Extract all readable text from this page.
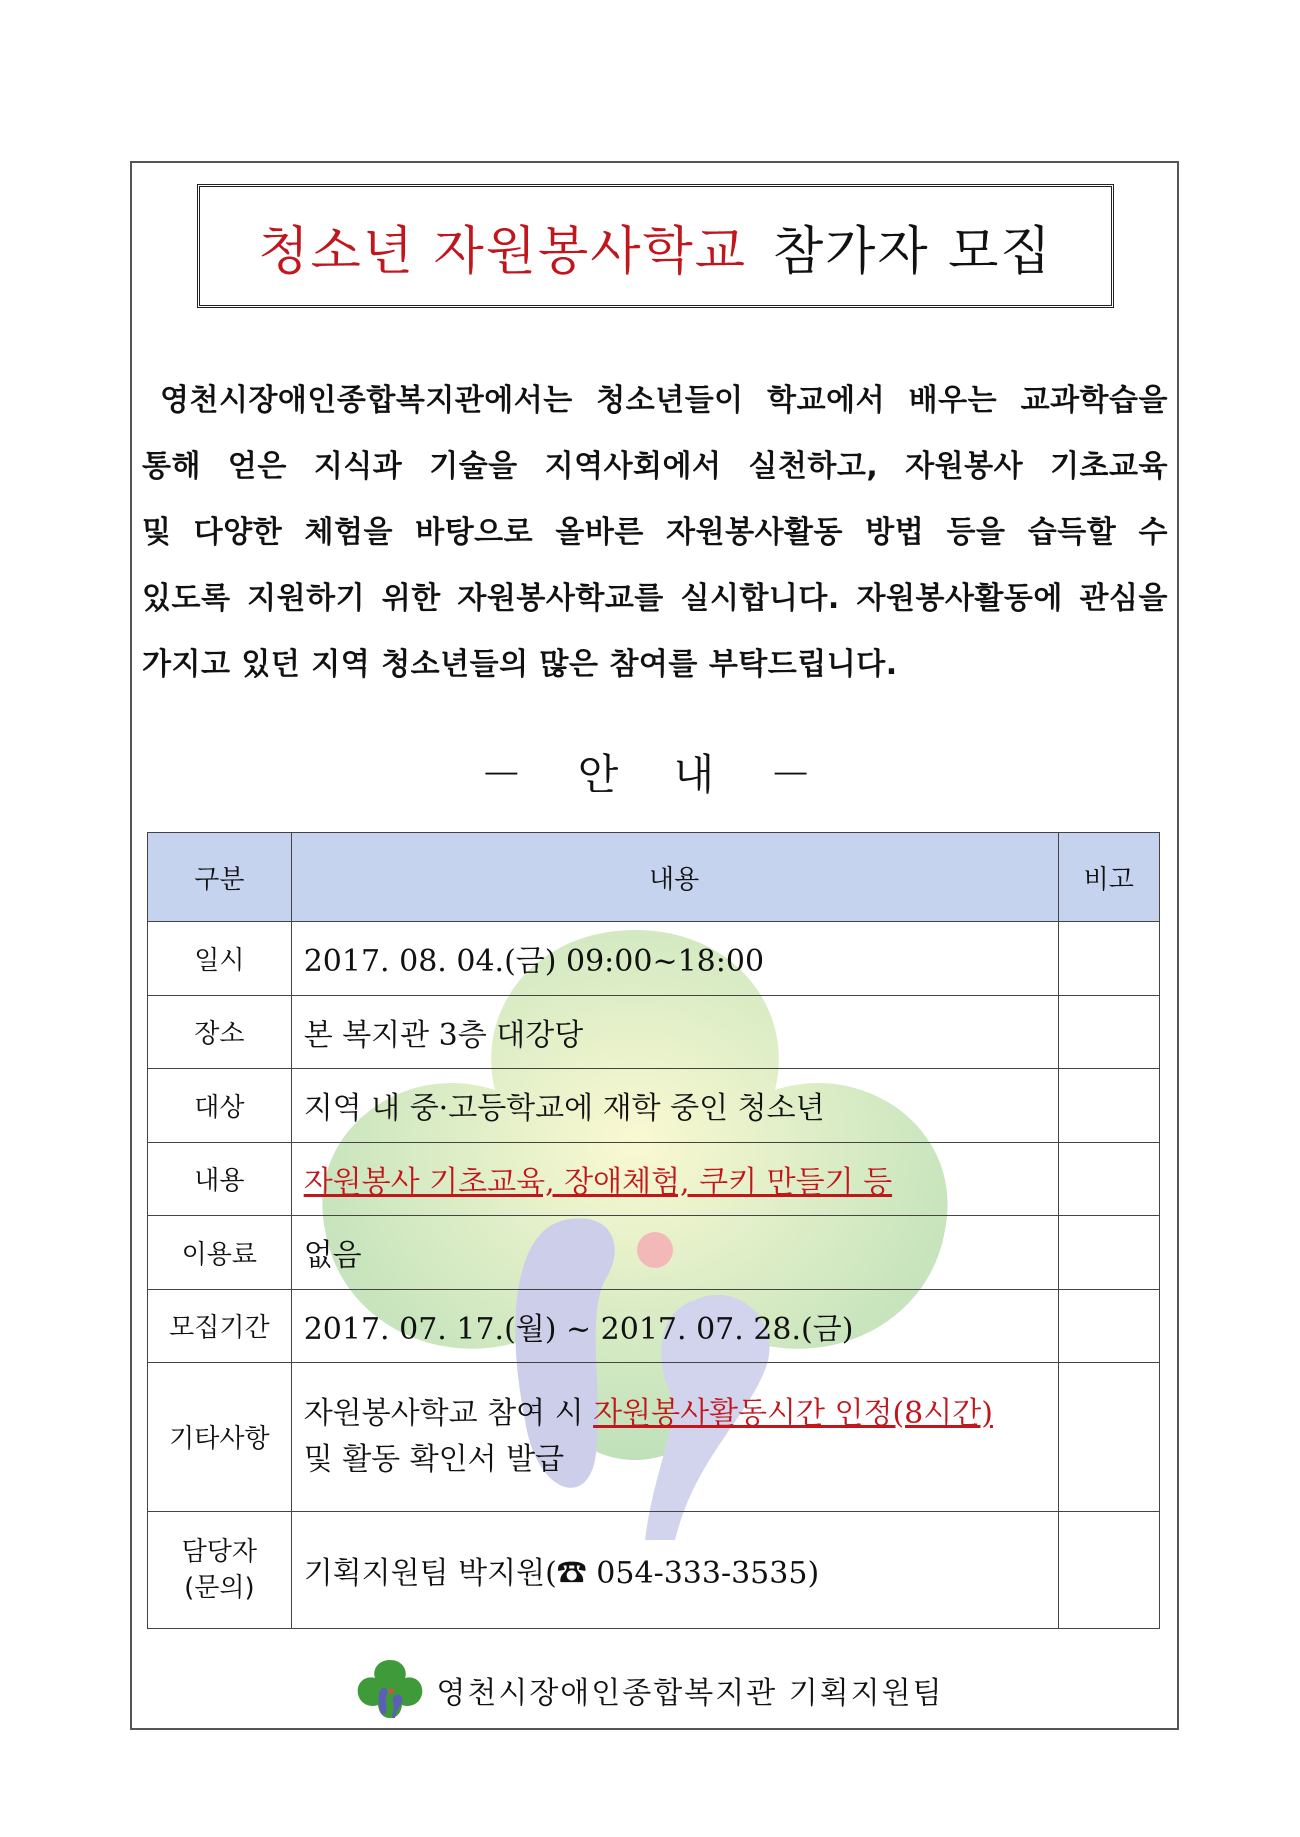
청소년 자원봉사학교 참가자 모집
영천시장애인종합복지관에서는 청소년들이 학교에서 배우는 교과학습을
통해 얻은 지식과 기술을 지역사회에서 실천하고, 자원봉사 기초교육
및 다양한 체험을 바탕으로 올바른 자원봉사활동 방법 등을 습득할 수
있도록 지원하기 위한 자원봉사학교를 실시합니다. 자원봉사활동에 관심을
가지고 있던 지역 청소년들의 많은 참여를 부탁드립니다.
－ 안 내 －
구분	내용	비고
일시	2017. 08. 04.(금) 09:00~18:00	
장소	본 복지관 3층 대강당	
대상	지역 내 중·고등학교에 재학 중인 청소년	
내용	자원봉사 기초교육, 장애체험, 쿠키 만들기 등	
이용료	없음	
모집기간	2017. 07. 17.(월) ~ 2017. 07. 28.(금)	
기타사항	자원봉사학교 참여 시 자원봉사활동시간 인정(8시간)
및 활동 확인서 발급	
담당자
(문의)	기획지원팀 박지원(☎ 054-333-3535)	
영천시장애인종합복지관 기획지원팀
